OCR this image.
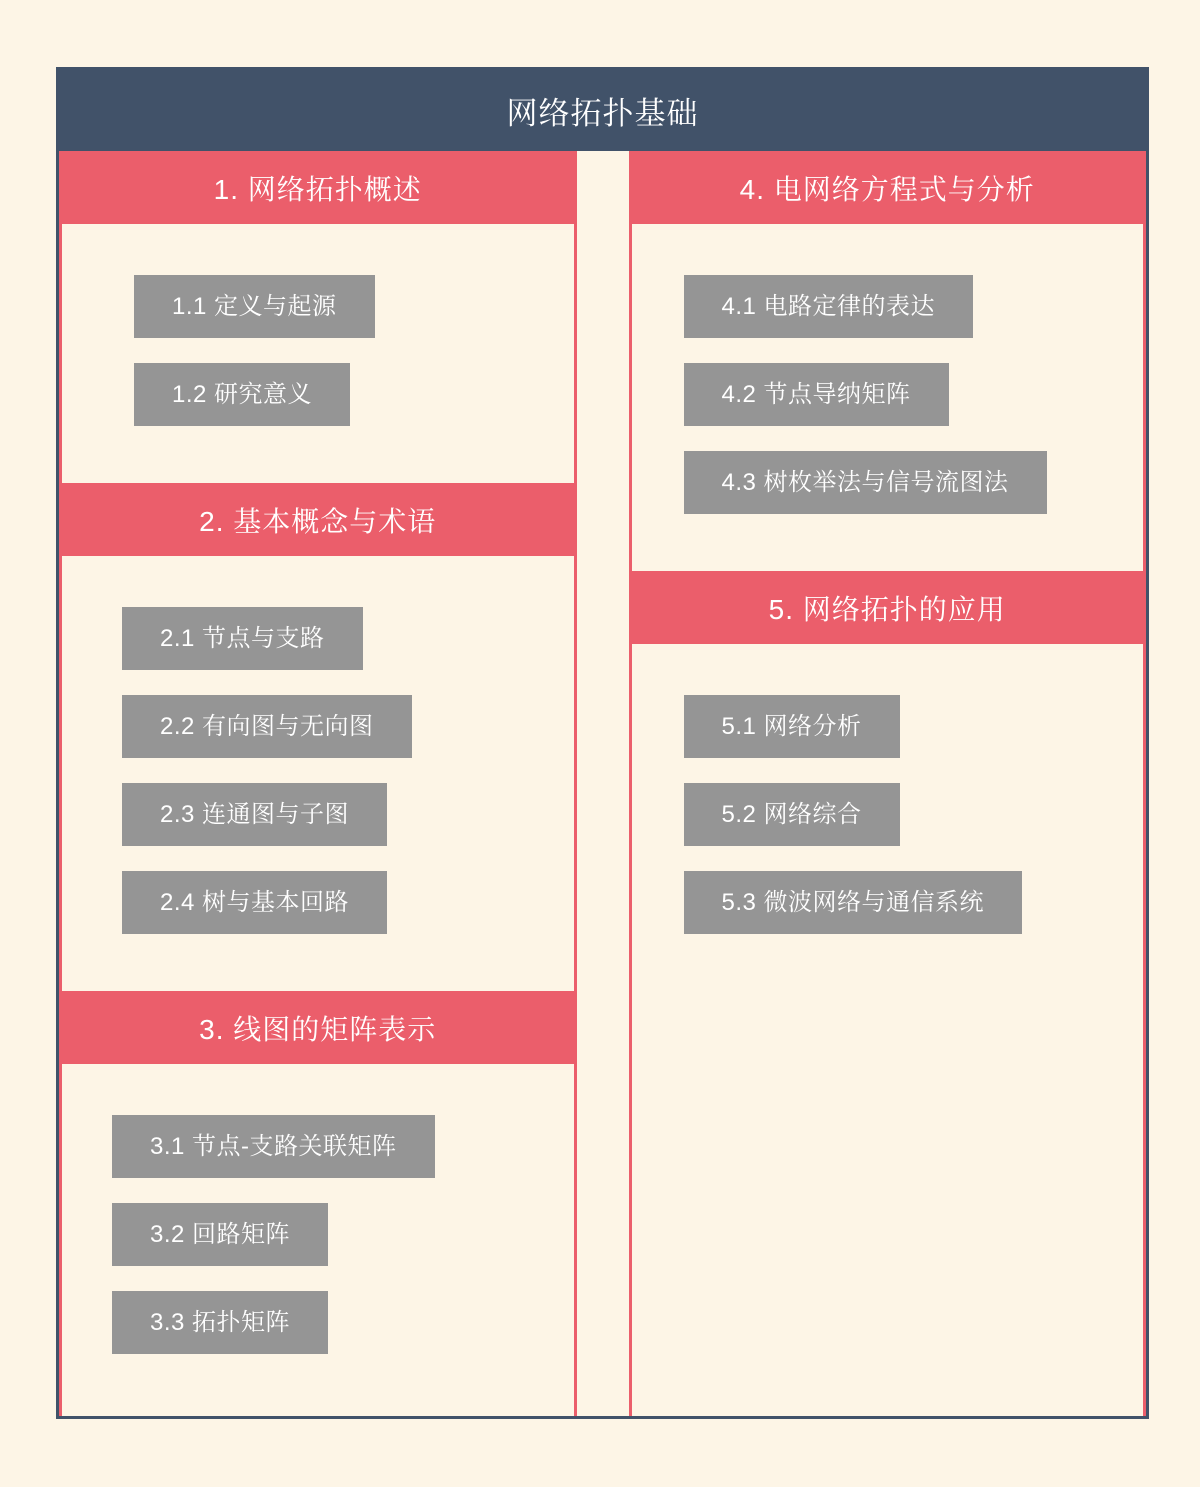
网络拓扑基础
1. 网络拓扑概述
1.1 定义与起源
1.2 研究意义
2. 基本概念与术语
2.1 节点与支路
2.2 有向图与无向图
2.3 连通图与子图
2.4 树与基本回路
3. 线图的矩阵表示
3.1 节点-支路关联矩阵
3.2 回路矩阵
3.3 拓扑矩阵
4. 电网络方程式与分析
4.1 电路定律的表达
4.2 节点导纳矩阵
4.3 树枚举法与信号流图法
5. 网络拓扑的应用
5.1 网络分析
5.2 网络综合
5.3 微波网络与通信系统
